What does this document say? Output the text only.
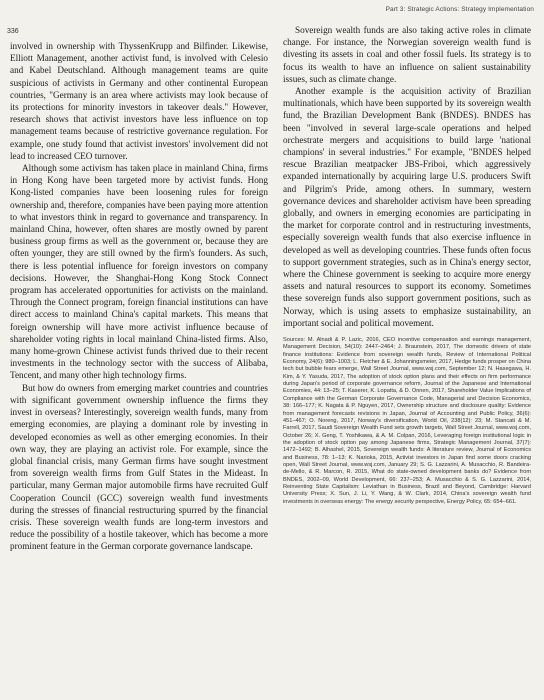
Part 3: Strategic Actions: Strategy Implementation
336

involved in ownership with ThyssenKrupp and Bilfinder. Likewise, Elliott Management, another activist fund, is involved with Celesio and Kabel Deutschland. Although management teams are quite suspicious of activists in Germany and other continental European countries, "Germany is an area where activists may look because of its protections for minority investors in takeover deals." However, research shows that activist investors have less influence on top management teams because of restrictive governance regulation. For example, one study found that activist investors' involvement did not lead to increased CEO turnover.

Although some activism has taken place in mainland China, firms in Hong Kong have been targeted more by activist funds. Hong Kong-listed companies have been loosening rules for foreign ownership and, therefore, companies have been paying more attention to what investors think in regard to governance and transparency. In mainland China, however, often shares are mostly owned by parent business group firms as well as the government or, because they are often younger, they are still owned by the firm's founders. As such, there is less potential influence for foreign investors on company decisions. However, the Shanghai-Hong Kong Stock Connect program has accelerated opportunities for activists on the mainland. Through the Connect program, foreign financial institutions can have direct access to mainland China's capital markets. This means that foreign ownership will have more activist influence because of shareholder voting rights in local mainland China-listed firms. Also, many home-grown Chinese activist funds thrived due to their recent investments in the technology sector with the success of Alibaba, Tencent, and many other high technology firms.

But how do owners from emerging market countries and countries with significant government ownership influence the firms they invest in overseas? Interestingly, sovereign wealth funds, many from emerging economies, are playing a dominant role by investing in developed economies as well as other emerging economies. In their own way, they are playing an activist role. For example, since the global financial crisis, many German firms have sought investment from sovereign wealth firms from Gulf States in the Mideast. In particular, many German major automobile firms have recruited Gulf Cooperation Council (GCC) sovereign wealth fund investments during the stresses of financial restructuring spurred by the financial crisis. These sovereign wealth funds are long-term investors and reduce the possibility of a hostile takeover, which has become a more prominent feature in the German corporate governance landscape.

Sovereign wealth funds are also taking active roles in climate change. For instance, the Norwegian sovereign wealth fund is divesting its assets in coal and other fossil fuels. Its strategy is to focus its wealth to have an influence on salient sustainability issues, such as climate change.

Another example is the acquisition activity of Brazilian multinationals, which have been supported by its sovereign wealth fund, the Brazilian Development Bank (BNDES). BNDES has been "involved in several large-scale operations and helped orchestrate mergers and acquisitions to build large 'national champions' in several industries." For example, "BNDES helped rescue Brazilian meatpacker JBS-Friboi, which aggressively expanded internationally by acquiring large U.S. producers Swift and Pilgrim's Pride, among others. In summary, western governance devices and shareholder activism have been spreading globally, and owners in emerging economies are participating in the market for corporate control and in restructuring investments, especially sovereign wealth funds that also exercise influence in developed as well as developing countries. These funds often focus to support government strategies, such as in China's energy sector, where the Chinese government is seeking to acquire more energy assets and natural resources to support its economy. Sometimes these sovereign funds also support government positions, such as Norway, which is using assets to emphasize sustainability, an important social and political movement.

Sources: M. Alnadi & P. Lazic, 2016, CEO incentive compensation and earnings management, Management Decision, 54(10): 2447–2464; J. Braunstein, 2017, The domestic drivers of state finance institutions: Evidence from sovereign wealth funds, Review of International Political Economy, 24(6): 980–1003; L. Fletcher & E. Johanningsmeier, 2017, Hedge funds prosper on China tech but bubble fears emerge, Wall Street Journal, www.wsj.com, September 12; N. Hasegawa, H. Kim, & Y. Yasuda, 2017, The adoption of stock option plans and their effects on firm performance during Japan's period of corporate governance reform, Journal of the Japanese and International Economies, 44: 13–25; T. Kaserer, K. Lopatta, & D. Onnen, 2017, Shareholder Value Implications of Compliance with the German Corporate Governance Code, Managerial and Decision Economics, 38: 166–177; K. Nagata & P. Nguyen, 2017, Ownership structure and disclosure quality: Evidence from management forecasts revisions in Japan, Journal of Accounting and Public Policy, 36(6): 451–467; O. Noreng, 2017, Norway's diversification, World Oil, 238(12): 23; M. Stancati & M. Farrell, 2017, Saudi Sovereign Wealth Fund sets growth targets, Wall Street Journal, www.wsj.com, October 26; X. Geng, T. Yoshikawa, & A. M. Colpan, 2016, Leveraging foreign institutional logic in the adoption of stock option pay among Japanese firms, Strategic Management Journal, 37(7): 1472–1492; B. Alhashel, 2015, Sovereign wealth funds: A literature review, Journal of Economics and Business, 78: 1–13; K. Narioka, 2015, Activist investors in Japan find some doors cracking open, Wall Street Journal, www.wsj.com, January 29; S. G. Lazzarini, A. Musacchio, R. Bandeira-de-Mello, & R. Marcon, R. 2015, What do state-owned development banks do? Evidence from BNDES, 2002–09, World Development, 66: 237–253; A. Musacchio & S. G. Lazzarini, 2014, Reinventing State Capitalism: Leviathan in Business, Brazil and Beyond, Cambridge: Harvard University Press; X. Sun, J. Li, Y. Wang, & W. Clark, 2014, China's sovereign wealth fund investments in overseas energy: The energy security perspective, Energy Policy, 65: 654–661.
